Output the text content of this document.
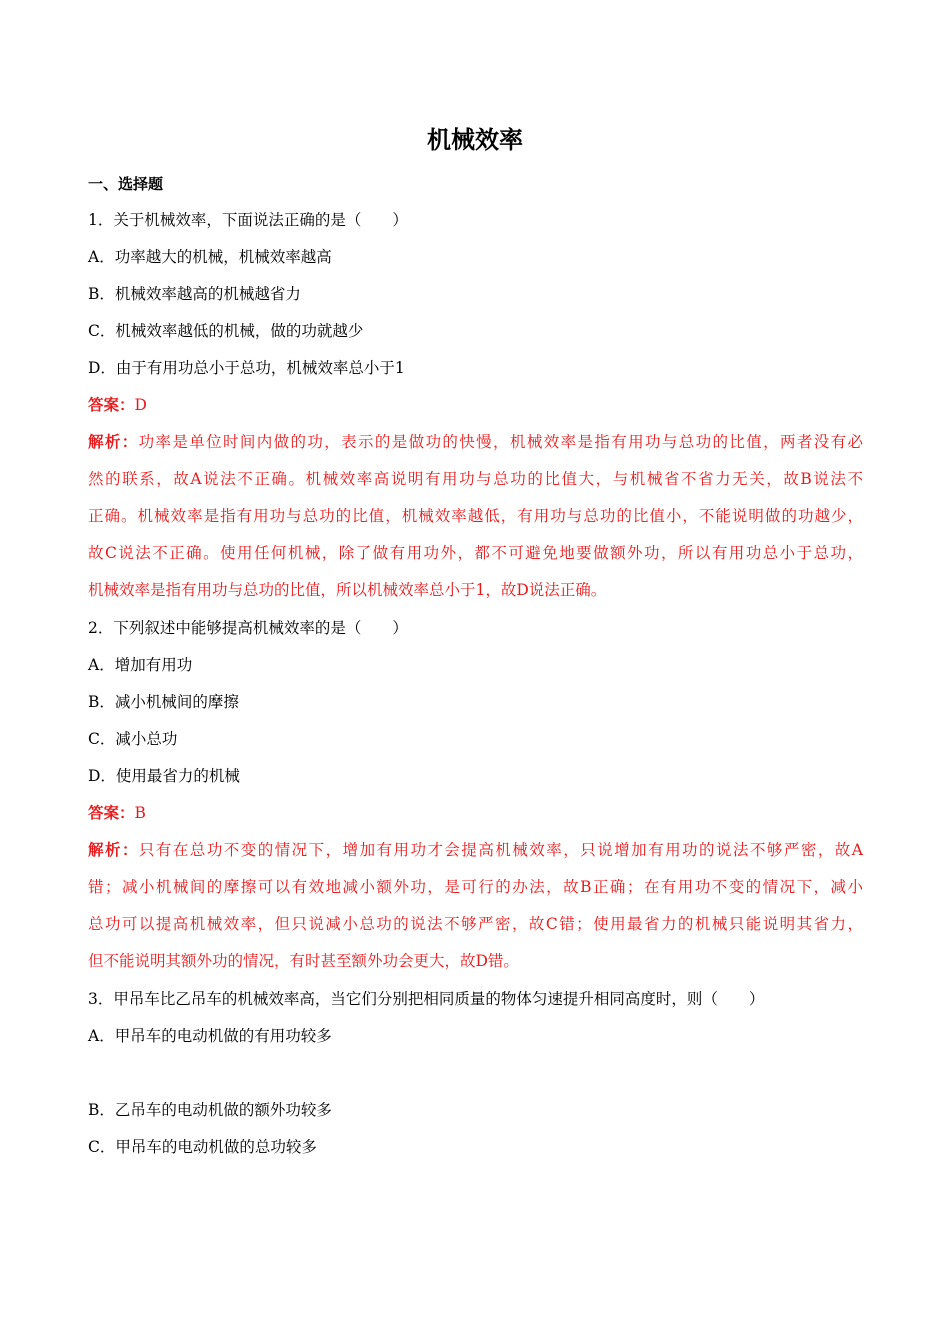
机械效率
一、选择题
1．关于机械效率，下面说法正确的是（　　）
A．功率越大的机械，机械效率越高
B．机械效率越高的机械越省力
C．机械效率越低的机械，做的功就越少
D．由于有用功总小于总功，机械效率总小于1
答案：D
解析：功率是单位时间内做的功，表示的是做功的快慢，机械效率是指有用功与总功的比值，两者没有必
然的联系，故A说法不正确。机械效率高说明有用功与总功的比值大，与机械省不省力无关，故B说法不
正确。机械效率是指有用功与总功的比值，机械效率越低，有用功与总功的比值小，不能说明做的功越少，
故C说法不正确。使用任何机械，除了做有用功外，都不可避免地要做额外功，所以有用功总小于总功，
机械效率是指有用功与总功的比值，所以机械效率总小于1，故D说法正确。
2．下列叙述中能够提高机械效率的是（　　）
A．增加有用功
B．减小机械间的摩擦
C．减小总功
D．使用最省力的机械
答案：B
解析：只有在总功不变的情况下，增加有用功才会提高机械效率，只说增加有用功的说法不够严密，故A
错；减小机械间的摩擦可以有效地减小额外功，是可行的办法，故B正确；在有用功不变的情况下，减小
总功可以提高机械效率，但只说减小总功的说法不够严密，故C错；使用最省力的机械只能说明其省力，
但不能说明其额外功的情况，有时甚至额外功会更大，故D错。
3．甲吊车比乙吊车的机械效率高，当它们分别把相同质量的物体匀速提升相同高度时，则（　　）
A．甲吊车的电动机做的有用功较多
B．乙吊车的电动机做的额外功较多
C．甲吊车的电动机做的总功较多
